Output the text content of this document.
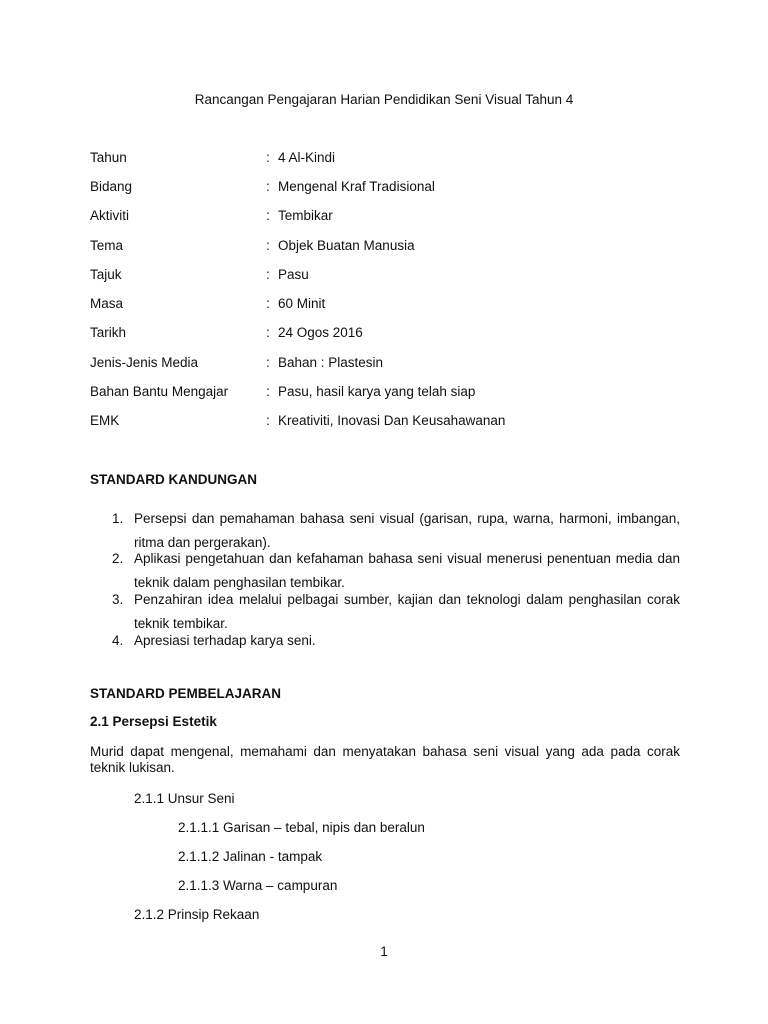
Rancangan Pengajaran Harian Pendidikan Seni Visual Tahun 4
Tahun	: 4 Al-Kindi
Bidang	: Mengenal Kraf Tradisional
Aktiviti	: Tembikar
Tema	: Objek Buatan Manusia
Tajuk	: Pasu
Masa	: 60 Minit
Tarikh	: 24 Ogos 2016
Jenis-Jenis Media	: Bahan : Plastesin
Bahan Bantu Mengajar	: Pasu, hasil karya yang telah siap
EMK	: Kreativiti, Inovasi Dan Keusahawanan
STANDARD KANDUNGAN
1. Persepsi dan pemahaman bahasa seni visual (garisan, rupa, warna, harmoni, imbangan, ritma dan pergerakan).
2. Aplikasi pengetahuan dan kefahaman bahasa seni visual menerusi penentuan media dan teknik dalam penghasilan tembikar.
3. Penzahiran idea melalui pelbagai sumber, kajian dan teknologi dalam penghasilan corak teknik tembikar.
4. Apresiasi terhadap karya seni.
STANDARD PEMBELAJARAN
2.1 Persepsi Estetik
Murid dapat mengenal, memahami dan menyatakan bahasa seni visual yang ada pada corak teknik lukisan.
2.1.1 Unsur Seni
2.1.1.1 Garisan – tebal, nipis dan beralun
2.1.1.2 Jalinan - tampak
2.1.1.3 Warna – campuran
2.1.2 Prinsip Rekaan
1
